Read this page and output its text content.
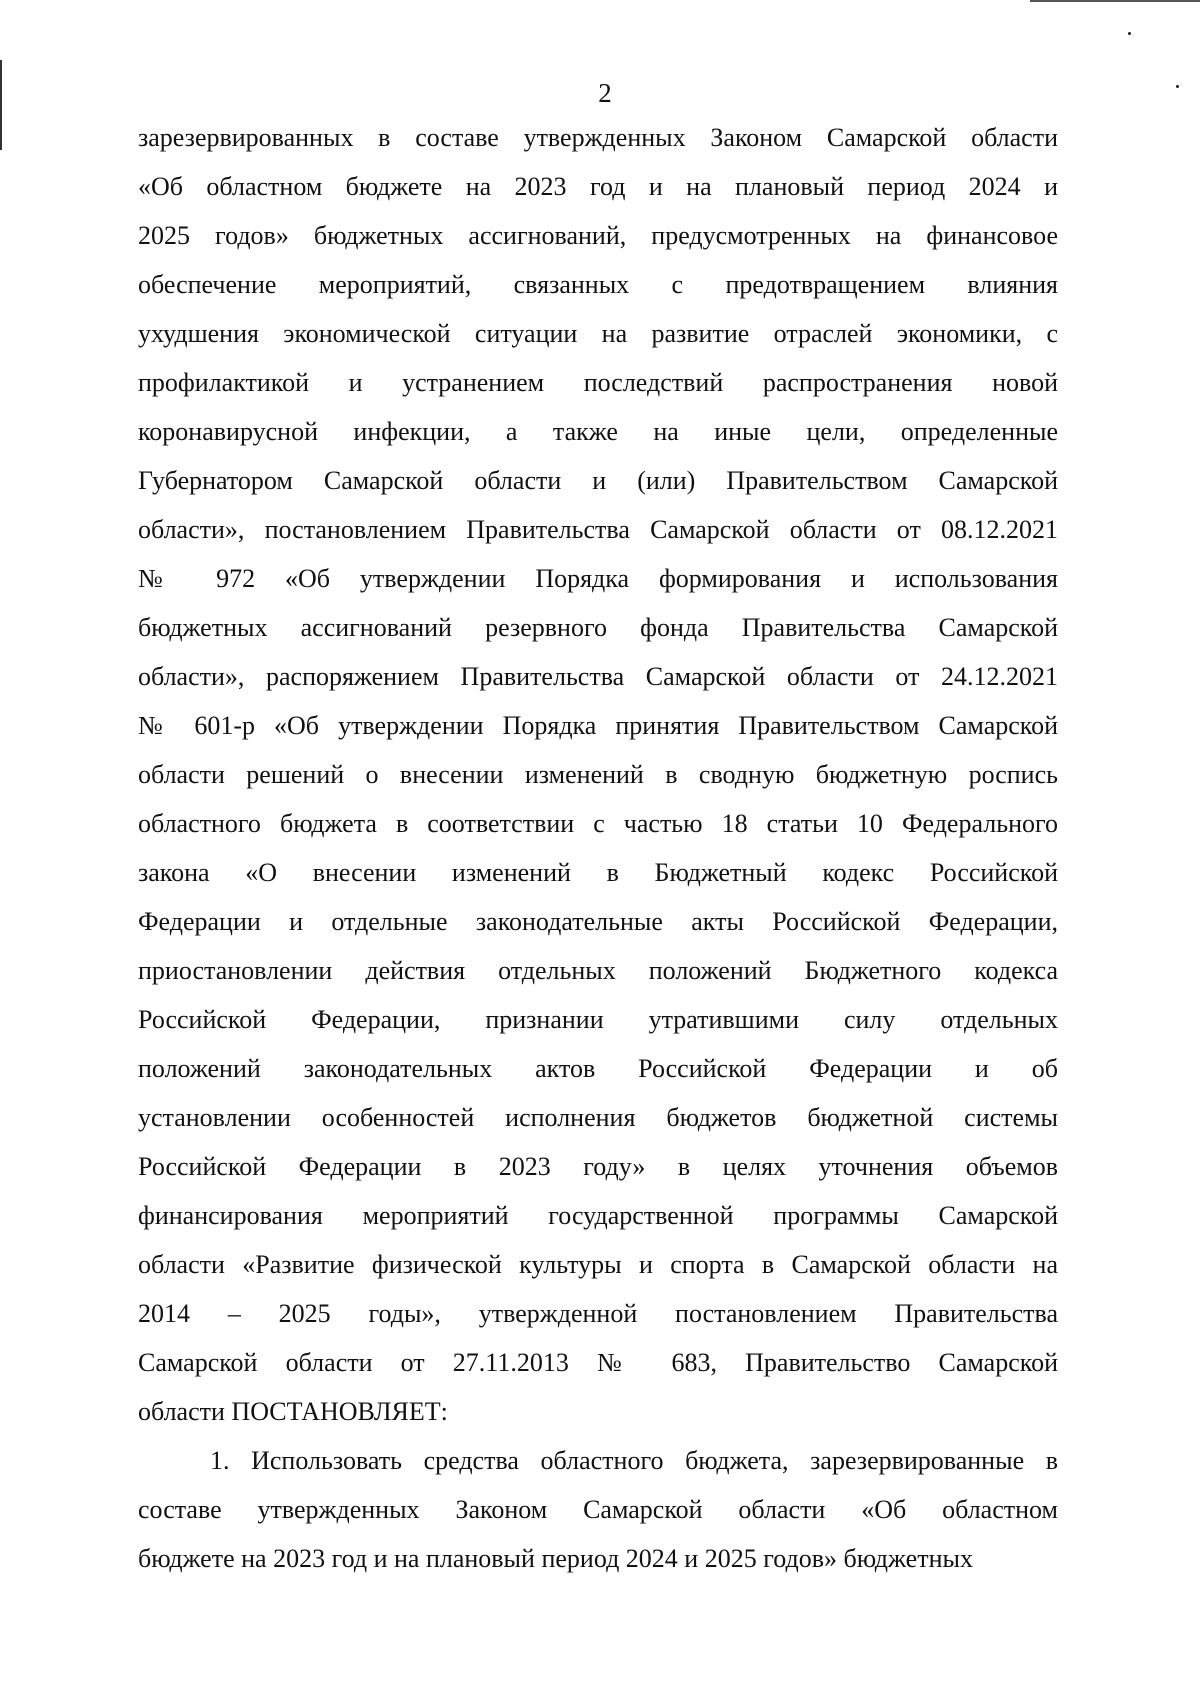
2
зарезервированных в составе утвержденных Законом Самарской области
«Об областном бюджете на 2023 год и на плановый период 2024 и
2025 годов» бюджетных ассигнований, предусмотренных на финансовое
обеспечение мероприятий, связанных с предотвращением влияния
ухудшения экономической ситуации на развитие отраслей экономики, с
профилактикой и устранением последствий распространения новой
коронавирусной инфекции, а также на иные цели, определенные
Губернатором Самарской области и (или) Правительством Самарской
области», постановлением Правительства Самарской области от 08.12.2021
№ 972 «Об утверждении Порядка формирования и использования
бюджетных ассигнований резервного фонда Правительства Самарской
области», распоряжением Правительства Самарской области от 24.12.2021
№ 601-р «Об утверждении Порядка принятия Правительством Самарской
области решений о внесении изменений в сводную бюджетную роспись
областного бюджета в соответствии с частью 18 статьи 10 Федерального
закона «О внесении изменений в Бюджетный кодекс Российской
Федерации и отдельные законодательные акты Российской Федерации,
приостановлении действия отдельных положений Бюджетного кодекса
Российской Федерации, признании утратившими силу отдельных
положений законодательных актов Российской Федерации и об
установлении особенностей исполнения бюджетов бюджетной системы
Российской Федерации в 2023 году» в целях уточнения объемов
финансирования мероприятий государственной программы Самарской
области «Развитие физической культуры и спорта в Самарской области на
2014 – 2025 годы», утвержденной постановлением Правительства
Самарской области от 27.11.2013 № 683, Правительство Самарской
области ПОСТАНОВЛЯЕТ:
1. Использовать средства областного бюджета, зарезервированные в
составе утвержденных Законом Самарской области «Об областном
бюджете на 2023 год и на плановый период 2024 и 2025 годов» бюджетных
